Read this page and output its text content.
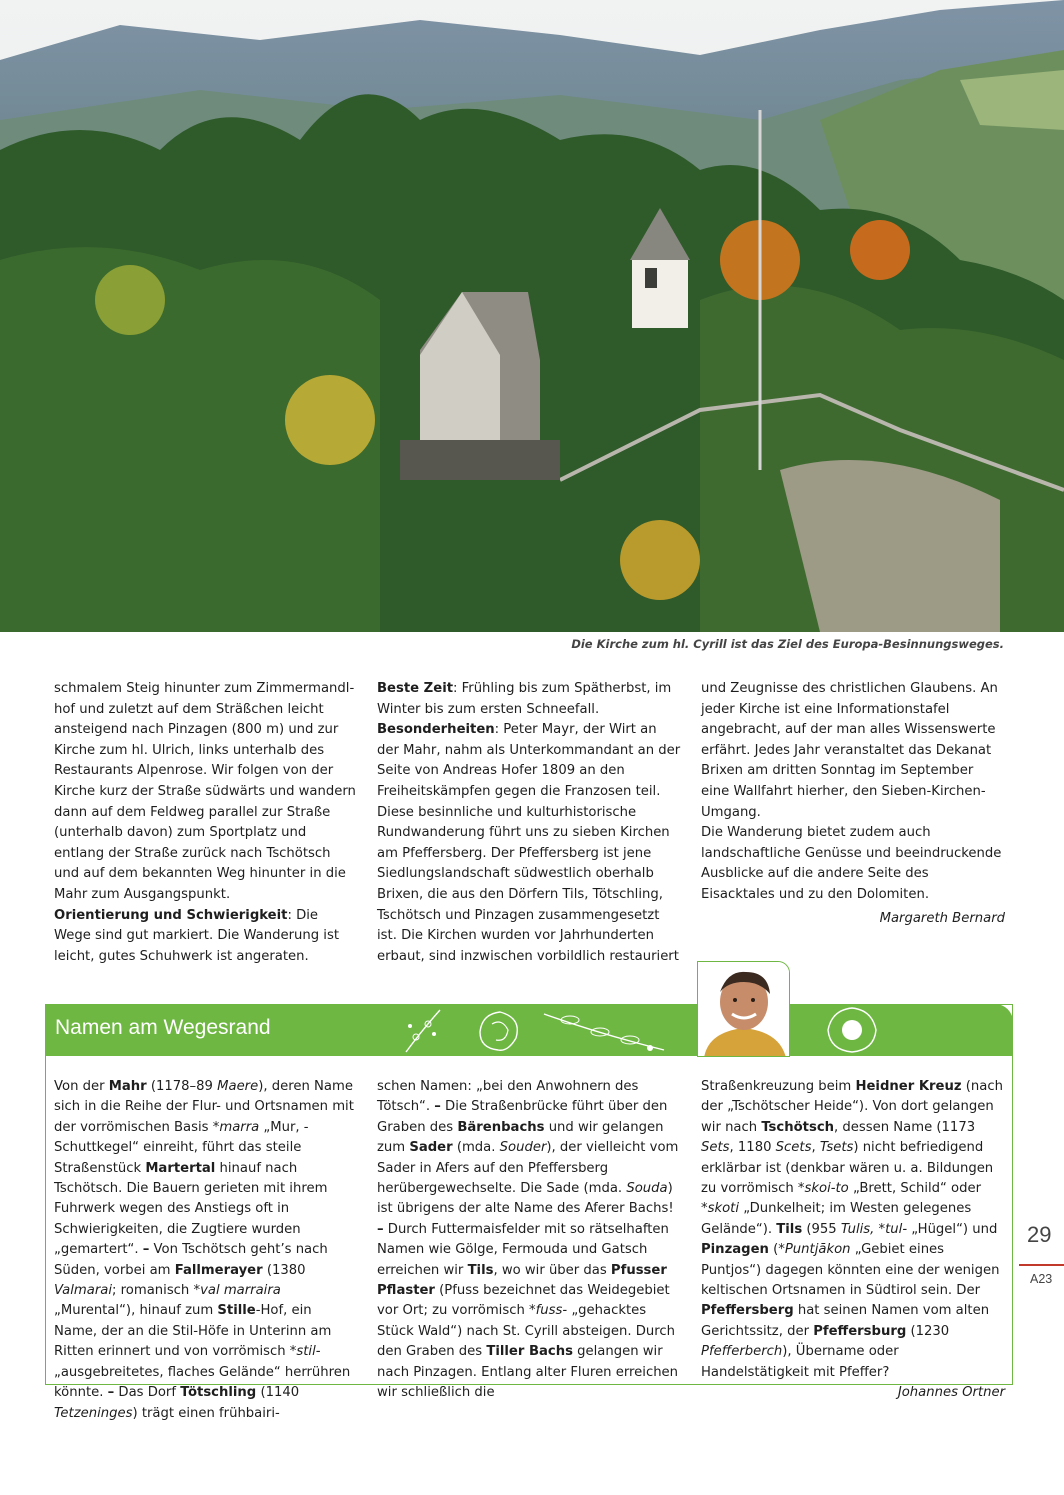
Die Kirche zum hl. Cyrill ist das Ziel des Europa-Besinnungsweges.

schmalem Steig hinunter zum Zimmermandlhof und zuletzt auf dem Sträßchen leicht ansteigend nach Pinzagen (800 m) und zur Kirche zum hl. Ulrich, links unterhalb des Restaurants Alpenrose. Wir folgen von der Kirche kurz der Straße südwärts und wandern dann auf dem Feldweg parallel zur Straße (unterhalb davon) zum Sportplatz und entlang der Straße zurück nach Tschötsch und auf dem bekannten Weg hinunter in die Mahr zum Ausgangspunkt.

Orientierung und Schwierigkeit: Die Wege sind gut markiert. Die Wanderung ist leicht, gutes Schuhwerk ist angeraten.

Beste Zeit: Frühling bis zum Spätherbst, im Winter bis zum ersten Schneefall.

Besonderheiten: Peter Mayr, der Wirt an der Mahr, nahm als Unterkommandant an der Seite von Andreas Hofer 1809 an den Freiheitskämpfen gegen die Franzosen teil. Diese besinnliche und kulturhistorische Rundwanderung führt uns zu sieben Kirchen am Pfeffersberg. Der Pfeffersberg ist jene Siedlungslandschaft südwestlich oberhalb Brixen, die aus den Dörfern Tils, Tötschling, Tschötsch und Pinzagen zusammengesetzt ist. Die Kirchen wurden vor Jahrhunderten erbaut, sind inzwischen vorbildlich restauriert

und Zeugnisse des christlichen Glaubens. An jeder Kirche ist eine Informationstafel angebracht, auf der man alles Wissenswerte erfährt. Jedes Jahr veranstaltet das Dekanat Brixen am dritten Sonntag im September eine Wallfahrt hierher, den Sieben-Kirchen-Umgang.

Die Wanderung bietet zudem auch landschaftliche Genüsse und beeindruckende Ausblicke auf die andere Seite des Eisacktales und zu den Dolomiten.

Margareth Bernard

Namen am Wegesrand

Von der Mahr (1178–89 Maere), deren Name sich in die Reihe der Flur- und Ortsnamen mit der vorrömischen Basis *marra „Mur, -Schuttkegel“ einreiht, führt das steile Straßenstück Martertal hinauf nach Tschötsch. Die Bauern gerieten mit ihrem Fuhrwerk wegen des Anstiegs oft in Schwierigkeiten, die Zugtiere wurden „gemartert“. – Von Tschötsch geht’s nach Süden, vorbei am Fallmerayer (1380 Valmarai; romanisch *val marraira „Murental“), hinauf zum Stille-Hof, ein Name, der an die Stil-Höfe in Unterinn am Ritten erinnert und von vorrömisch *stil- „ausgebreitetes, flaches Gelände“ herrühren könnte. – Das Dorf Tötschling (1140 Tetzeninges) trägt einen frühbairi-

schen Namen: „bei den Anwohnern des Tötsch“. – Die Straßenbrücke führt über den Graben des Bärenbachs und wir gelangen zum Sader (mda. Souder), der vielleicht vom Sader in Afers auf den Pfeffersberg herübergewechselte. Die Sade (mda. Souda) ist übrigens der alte Name des Aferer Bachs! – Durch Futtermaisfelder mit so rätselhaften Namen wie Gölge, Fermouda und Gatsch erreichen wir Tils, wo wir über das Pfusser Pflaster (Pfuss bezeichnet das Weidegebiet vor Ort; zu vorrömisch *fuss- „gehacktes Stück Wald“) nach St. Cyrill absteigen. Durch den Graben des Tiller Bachs gelangen wir nach Pinzagen. Entlang alter Fluren erreichen wir schließlich die

Straßenkreuzung beim Heidner Kreuz (nach der „Tschötscher Heide“). Von dort gelangen wir nach Tschötsch, dessen Name (1173 Sets, 1180 Scets, Tsets) nicht befriedigend erklärbar ist (denkbar wären u. a. Bildungen zu vorrömisch *skoi-to „Brett, Schild“ oder *skoti „Dunkelheit; im Westen gelegenes Gelände“). Tils (955 Tulis, *tul- „Hügel“) und Pinzagen (*Puntjākon „Gebiet eines Puntjos“) dagegen könnten eine der wenigen keltischen Ortsnamen in Südtirol sein. Der Pfeffersberg hat seinen Namen vom alten Gerichtssitz, der Pfeffersburg (1230 Pfefferberch), Übername oder Handelstätigkeit mit Pfeffer?

Johannes Ortner

29
A23
